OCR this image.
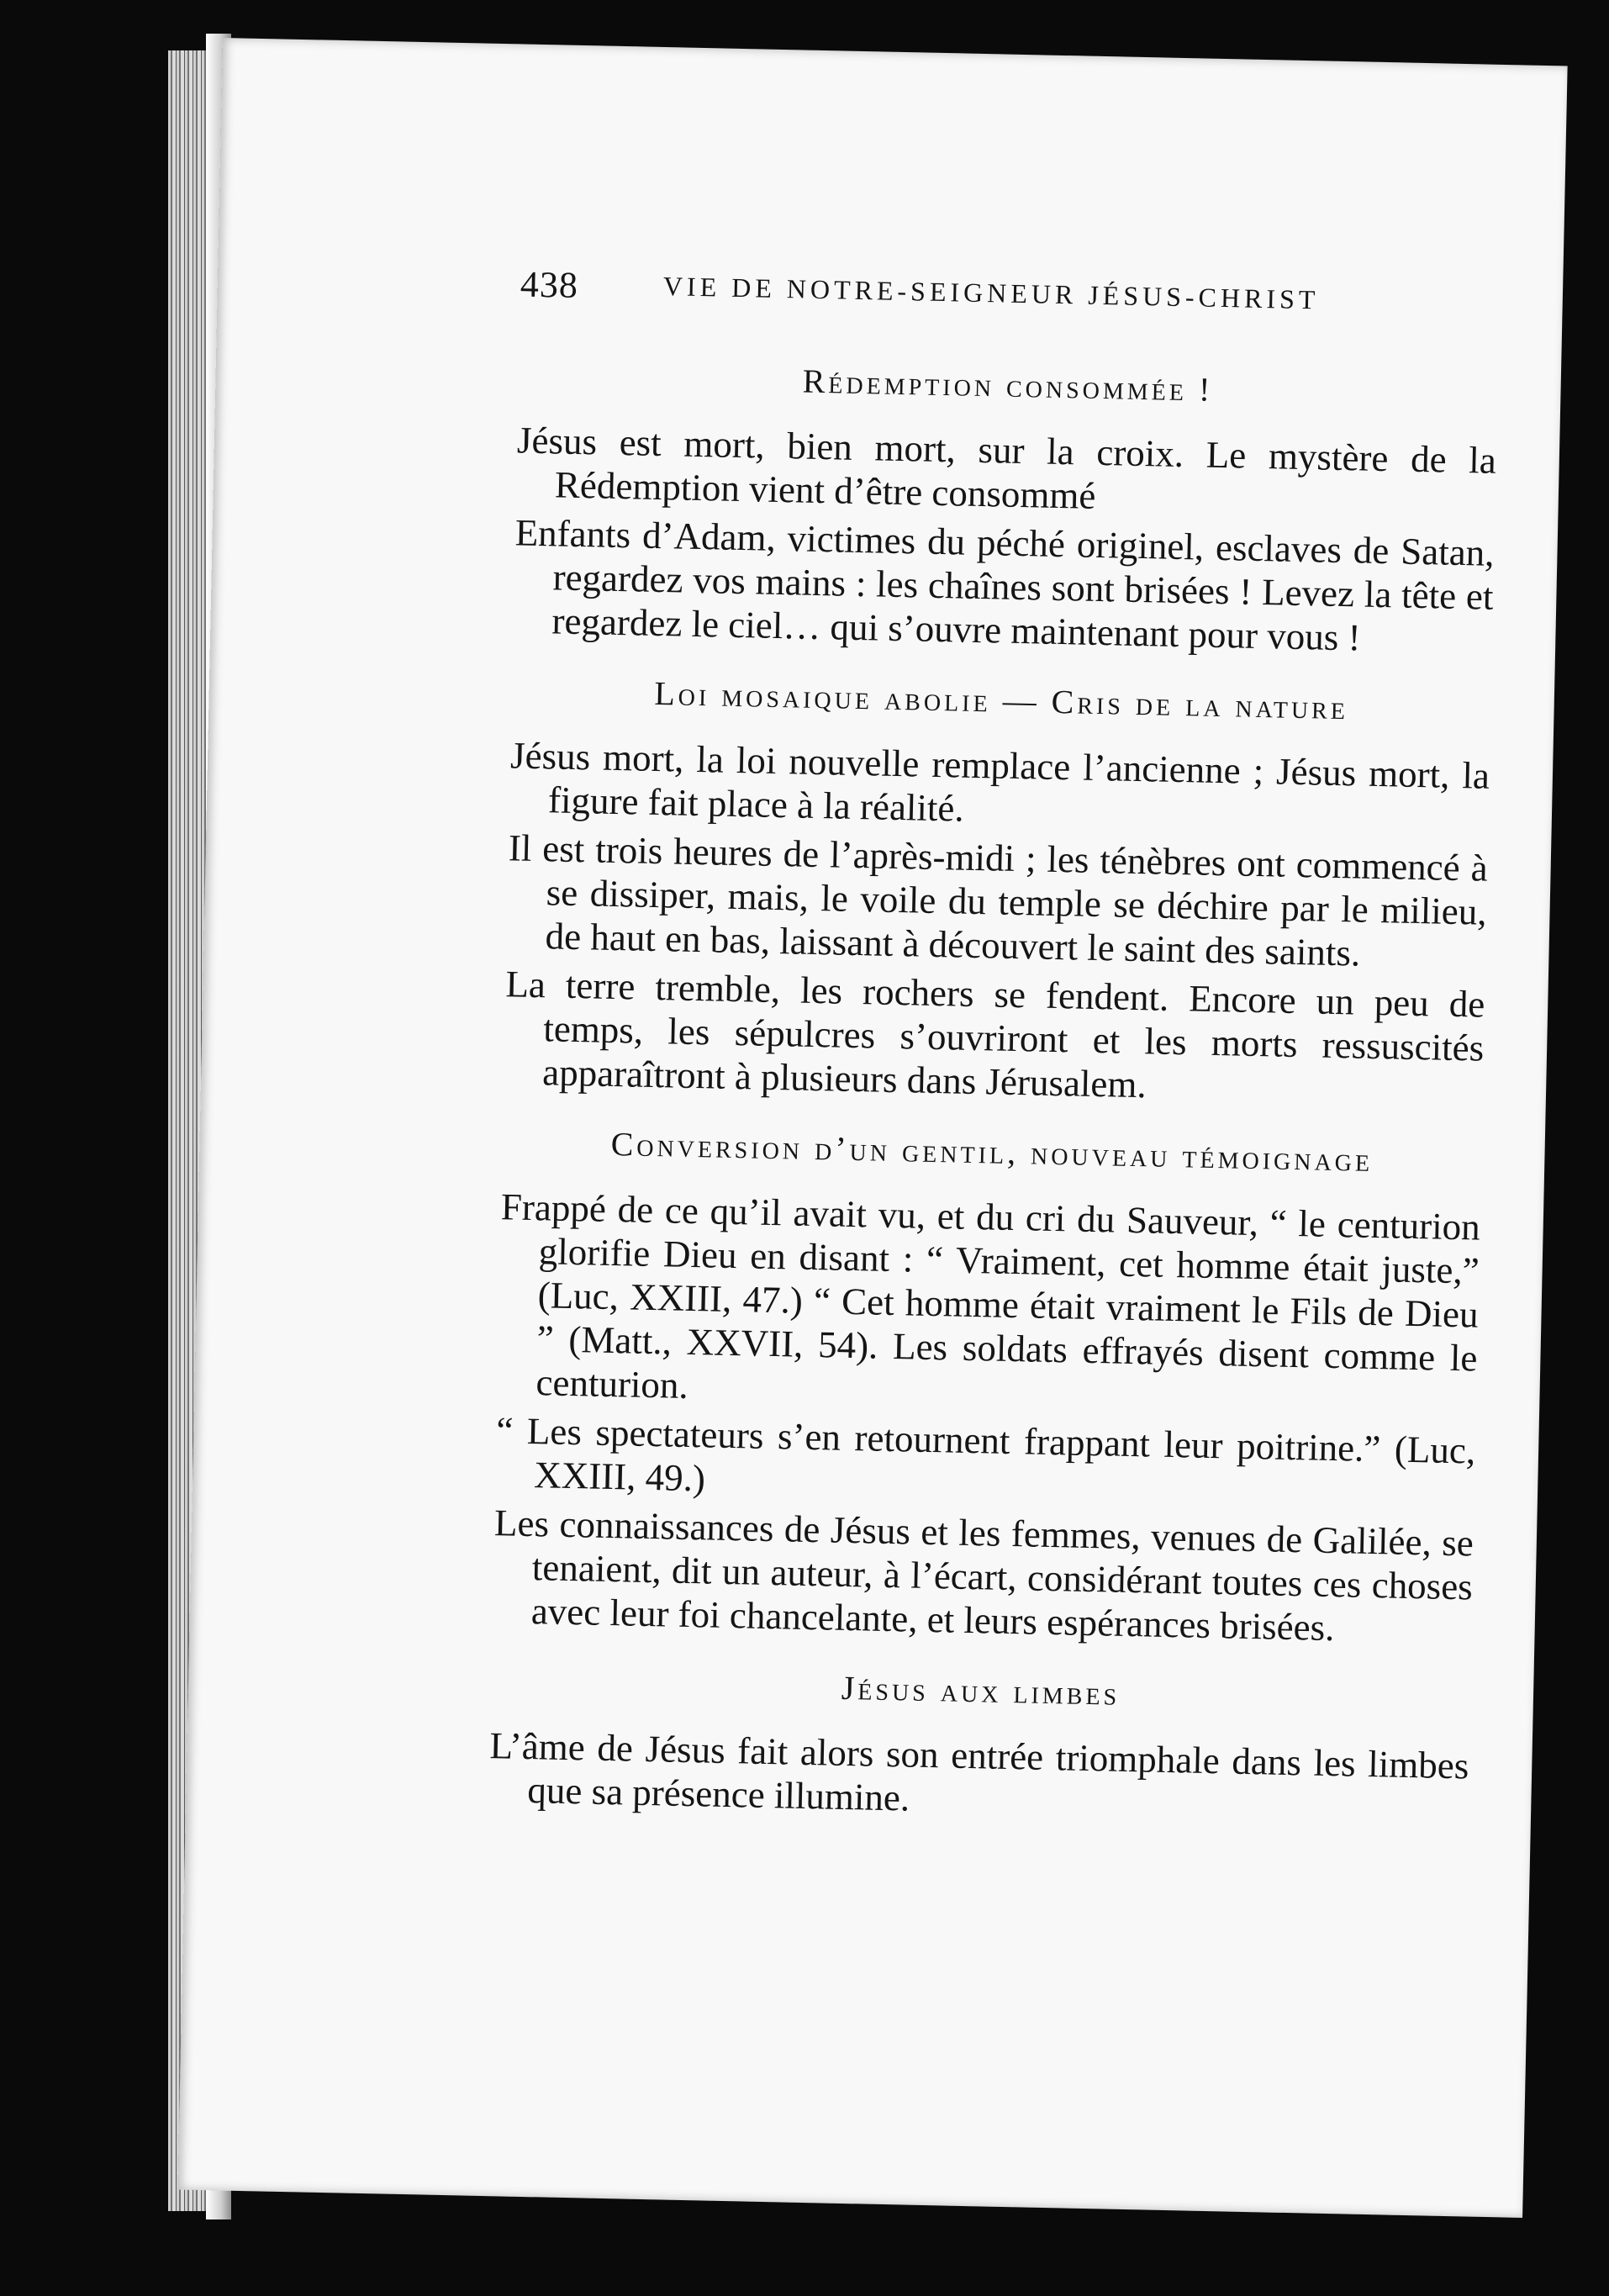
438	VIE DE NOTRE-SEIGNEUR JÉSUS-CHRIST
Rédemption consommée !

Jésus est mort, bien mort, sur la croix. Le mystère de la Rédemption vient d’être consommé

Enfants d’Adam, victimes du péché originel, esclaves de Satan, regardez vos mains : les chaînes sont brisées ! Levez la tête et regardez le ciel… qui s’ouvre maintenant pour vous !

Loi mosaique abolie — Cris de la nature

Jésus mort, la loi nouvelle remplace l’ancienne ; Jésus mort, la figure fait place à la réalité.

Il est trois heures de l’après-midi ; les ténèbres ont commencé à se dissiper, mais, le voile du temple se déchire par le milieu, de haut en bas, laissant à découvert le saint des saints.

La terre tremble, les rochers se fendent. Encore un peu de temps, les sépulcres s’ouvriront et les morts ressuscités apparaîtront à plusieurs dans Jérusalem.

Conversion d’un gentil, nouveau témoignage

Frappé de ce qu’il avait vu, et du cri du Sauveur, “ le centurion glorifie Dieu en disant : “ Vraiment, cet homme était juste,” (Luc, XXIII, 47.) “ Cet homme était vraiment le Fils de Dieu ” (Matt., XXVII, 54). Les soldats effrayés disent comme le centurion.

“ Les spectateurs s’en retournent frappant leur poitrine.” (Luc, XXIII, 49.)

Les connaissances de Jésus et les femmes, venues de Galilée, se tenaient, dit un auteur, à l’écart, considérant toutes ces choses avec leur foi chancelante, et leurs espérances brisées.

Jésus aux limbes

L’âme de Jésus fait alors son entrée triomphale dans les limbes que sa présence illumine.
